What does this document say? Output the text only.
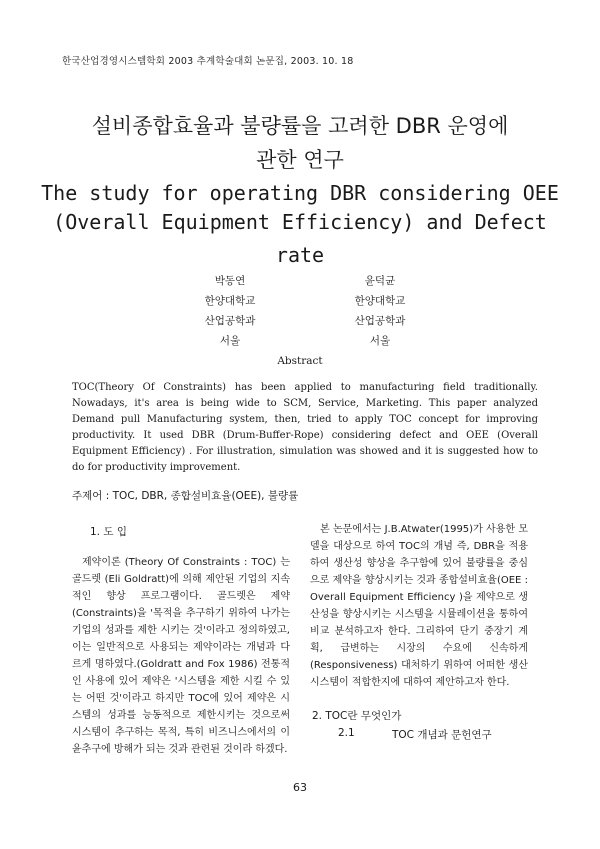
한국산업경영시스템학회 2003 추계학술대회 논문집, 2003. 10. 18
설비종합효율과 불량률을 고려한 DBR 운영에
관한 연구
The study for operating DBR considering OEE
(Overall Equipment Efficiency) and Defect
rate
박동연
한양대학교
산업공학과
서울
윤덕균
한양대학교
산업공학과
서울
Abstract
TOC(Theory Of Constraints) has been applied to manufacturing field traditionally. Nowadays, it's area is being wide to SCM, Service, Marketing. This paper analyzed Demand pull Manufacturing system, then, tried to apply TOC concept for improving productivity. It used DBR (Drum-Buffer-Rope) considering defect and OEE (Overall Equipment Efficiency) . For illustration, simulation was showed and it is suggested how to do for productivity improvement.
주제어 : TOC, DBR, 종합설비효율(OEE), 불량률
1. 도 입
제약이론 (Theory Of Constraints : TOC) 는 골드렛 (Eli Goldratt)에 의해 제안된 기업의 지속적인 향상 프로그램이다. 골드렛은 제약(Constraints)을 '목적을 추구하기 위하여 나가는 기업의 성과를 제한 시키는 것'이라고 정의하였고, 이는 일반적으로 사용되는 제약이라는 개념과 다르게 명하였다.(Goldratt and Fox 1986) 전통적인 사용에 있어 제약은 '시스템을 제한 시킬 수 있는 어떤 것'이라고 하지만 TOC에 있어 제약은 시스템의 성과를 능동적으로 제한시키는 것으로써 시스템이 추구하는 목적, 특히 비즈니스에서의 이윤추구에 방해가 되는 것과 관련된 것이라 하겠다.
본 논문에서는 J.B.Atwater(1995)가 사용한 모델을 대상으로 하여 TOC의 개념 즉, DBR을 적용하여 생산성 향상을 추구함에 있어 불량률을 중심으로 제약을 향상시키는 것과 종합설비효율(OEE : Overall Equipment Efficiency )을 제약으로 생산성을 향상시키는 시스템을 시뮬레이션을 통하여 비교 분석하고자 한다. 그리하여 단기 중장기 계획, 급변하는 시장의 수요에 신속하게(Responsiveness) 대처하기 위하여 어떠한 생산시스템이 적합한지에 대하여 제안하고자 한다.
2. TOC란 무엇인가
2.1	TOC 개념과 문헌연구
63
